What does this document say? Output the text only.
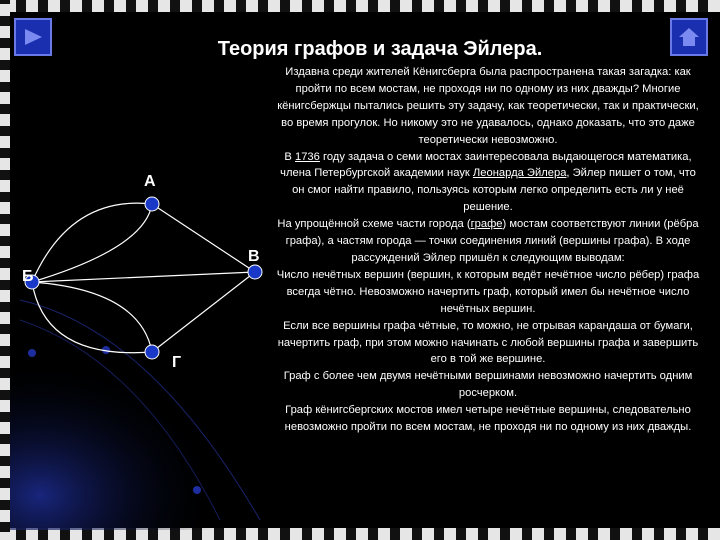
Теория графов и задача Эйлера.
А
В
Б
Г

Издавна среди жителей Кёнигсберга была распространена такая загадка: как пройти по всем мостам, не проходя ни по одному из них дважды? Многие кёнигсбержцы пытались решить эту задачу, как теоретически, так и практически, во время прогулок. Но никому это не удавалось, однако доказать, что это даже теоретически невозможно.

В 1736 году задача о семи мостах заинтересовала выдающегося математика, члена Петербургской академии наук Леонарда Эйлера, Эйлер пишет о том, что он смог найти правило, пользуясь которым легко определить есть ли у неё решение.

На упрощённой схеме части города (графе) мостам соответствуют линии (рёбра графа), а частям города — точки соединения линий (вершины графа). В ходе рассуждений Эйлер пришёл к следующим выводам:

Число нечётных вершин (вершин, к которым ведёт нечётное число рёбер) графа всегда чётно. Невозможно начертить граф, который имел бы нечётное число нечётных вершин.

Если все вершины графа чётные, то можно, не отрывая карандаша от бумаги, начертить граф, при этом можно начинать с любой вершины графа и завершить его в той же вершине.

Граф с более чем двумя нечётными вершинами невозможно начертить одним росчерком.

Граф кёнигсбергских мостов имел четыре нечётные вершины, следовательно невозможно пройти по всем мостам, не проходя ни по одному из них дважды.
